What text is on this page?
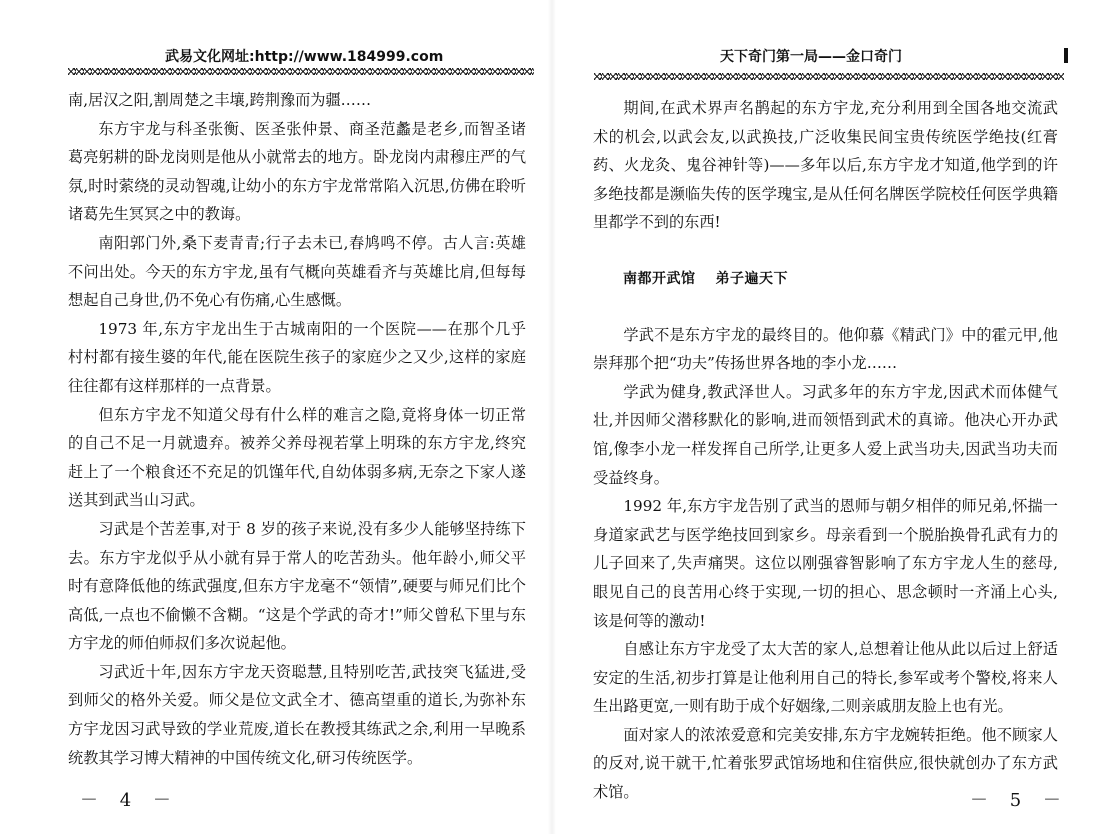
武易文化网址:http://www.184999.com

南,居汉之阳,割周楚之丰壤,跨荆豫而为疆……

东方宇龙与科圣张衡、医圣张仲景、商圣范蠡是老乡,而智圣诸葛亮躬耕的卧龙岗则是他从小就常去的地方。卧龙岗内肃穆庄严的气氛,时时萦绕的灵动智魂,让幼小的东方宇龙常常陷入沉思,仿佛在聆听诸葛先生冥冥之中的教诲。

南阳郭门外,桑下麦青青;行子去未已,春鸠鸣不停。古人言:英雄不问出处。今天的东方宇龙,虽有气概向英雄看齐与英雄比肩,但每每想起自己身世,仍不免心有伤痛,心生感慨。

1973 年,东方宇龙出生于古城南阳的一个医院——在那个几乎村村都有接生婆的年代,能在医院生孩子的家庭少之又少,这样的家庭往往都有这样那样的一点背景。

但东方宇龙不知道父母有什么样的难言之隐,竟将身体一切正常的自己不足一月就遗弃。被养父养母视若掌上明珠的东方宇龙,终究赶上了一个粮食还不充足的饥馑年代,自幼体弱多病,无奈之下家人遂送其到武当山习武。

习武是个苦差事,对于 8 岁的孩子来说,没有多少人能够坚持练下去。东方宇龙似乎从小就有异于常人的吃苦劲头。他年龄小,师父平时有意降低他的练武强度,但东方宇龙毫不“领情”,硬要与师兄们比个高低,一点也不偷懒不含糊。“这是个学武的奇才!”师父曾私下里与东方宇龙的师伯师叔们多次说起他。

习武近十年,因东方宇龙天资聪慧,且特别吃苦,武技突飞猛进,受到师父的格外关爱。师父是位文武全才、德高望重的道长,为弥补东方宇龙因习武导致的学业荒废,道长在教授其练武之余,利用一早晚系统教其学习博大精神的中国传统文化,研习传统医学。

－ 4 －
天下奇门第一局——金口奇门

期间,在武术界声名鹊起的东方宇龙,充分利用到全国各地交流武术的机会,以武会友,以武换技,广泛收集民间宝贵传统医学绝技(红膏药、火龙灸、鬼谷神针等)——多年以后,东方宇龙才知道,他学到的许多绝技都是濒临失传的医学瑰宝,是从任何名牌医学院校任何医学典籍里都学不到的东西!

南都开武馆 弟子遍天下

学武不是东方宇龙的最终目的。他仰慕《精武门》中的霍元甲,他崇拜那个把“功夫”传扬世界各地的李小龙……

学武为健身,教武泽世人。习武多年的东方宇龙,因武术而体健气壮,并因师父潜移默化的影响,进而领悟到武术的真谛。他决心开办武馆,像李小龙一样发挥自己所学,让更多人爱上武当功夫,因武当功夫而受益终身。

1992 年,东方宇龙告别了武当的恩师与朝夕相伴的师兄弟,怀揣一身道家武艺与医学绝技回到家乡。母亲看到一个脱胎换骨孔武有力的儿子回来了,失声痛哭。这位以刚强睿智影响了东方宇龙人生的慈母,眼见自己的良苦用心终于实现,一切的担心、思念顿时一齐涌上心头,该是何等的激动!

自感让东方宇龙受了太大苦的家人,总想着让他从此以后过上舒适安定的生活,初步打算是让他利用自己的特长,参军或考个警校,将来人生出路更宽,一则有助于成个好姻缘,二则亲戚朋友脸上也有光。

面对家人的浓浓爱意和完美安排,东方宇龙婉转拒绝。他不顾家人的反对,说干就干,忙着张罗武馆场地和住宿供应,很快就创办了东方武术馆。	－ 5 －
